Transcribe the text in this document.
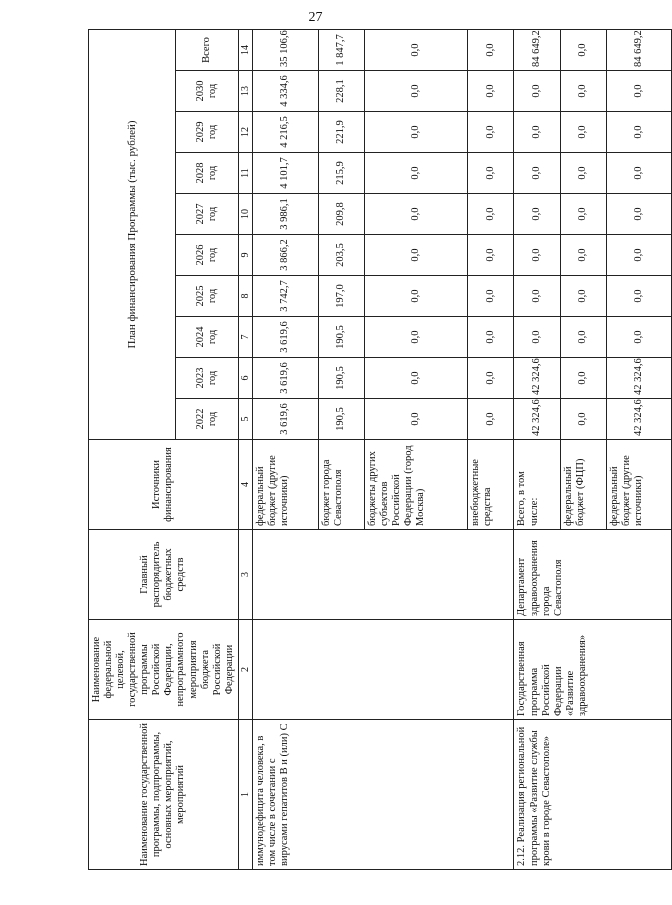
27
Наименование государственной программы, подпрограммы, основных мероприятий, мероприятий	Наименование федеральной целевой, государственной программы Российской Федерации, непрограммного мероприятия бюджета Российской Федерации	Главный распорядитель бюджетных средств	Источники финансирования	План финансирования Программы (тыс. рублей)									
				2022 год	2023 год	2024 год	2025 год	2026 год	2027 год	2028 год	2029 год	2030 год	Всего
1	2	3	4	5	6	7	8	9	10	11	12	13	14
иммунодефицита человека, в том числе в сочетании с вирусами гепатитов В и (или) С			федеральный бюджет (другие источники)	3 619,6	3 619,6	3 619,6	3 742,7	3 866,2	3 986,1	4 101,7	4 216,5	4 334,6	35 106,6
			бюджет города Севастополя	190,5	190,5	190,5	197,0	203,5	209,8	215,9	221,9	228,1	1 847,7
			бюджеты других субъектов Российской Федерации (город Москва)	0,0	0,0	0,0	0,0	0,0	0,0	0,0	0,0	0,0	0,0
			внебюджетные средства	0,0	0,0	0,0	0,0	0,0	0,0	0,0	0,0	0,0	0,0
2.12. Реализация региональной программы «Развитие службы крови в городе Севастополе»	Государственная программа Российской Федерации «Развитие здравоохранения»	Департамент здравоохранения города Севастополя	Всего, в том числе:	42 324,6	42 324,6	0,0	0,0	0,0	0,0	0,0	0,0	0,0	84 649,2
			федеральный бюджет (ФЦП)	0,0	0,0	0,0	0,0	0,0	0,0	0,0	0,0	0,0	0,0
			федеральный бюджет (другие источники)	42 324,6	42 324,6	0,0	0,0	0,0	0,0	0,0	0,0	0,0	84 649,2
